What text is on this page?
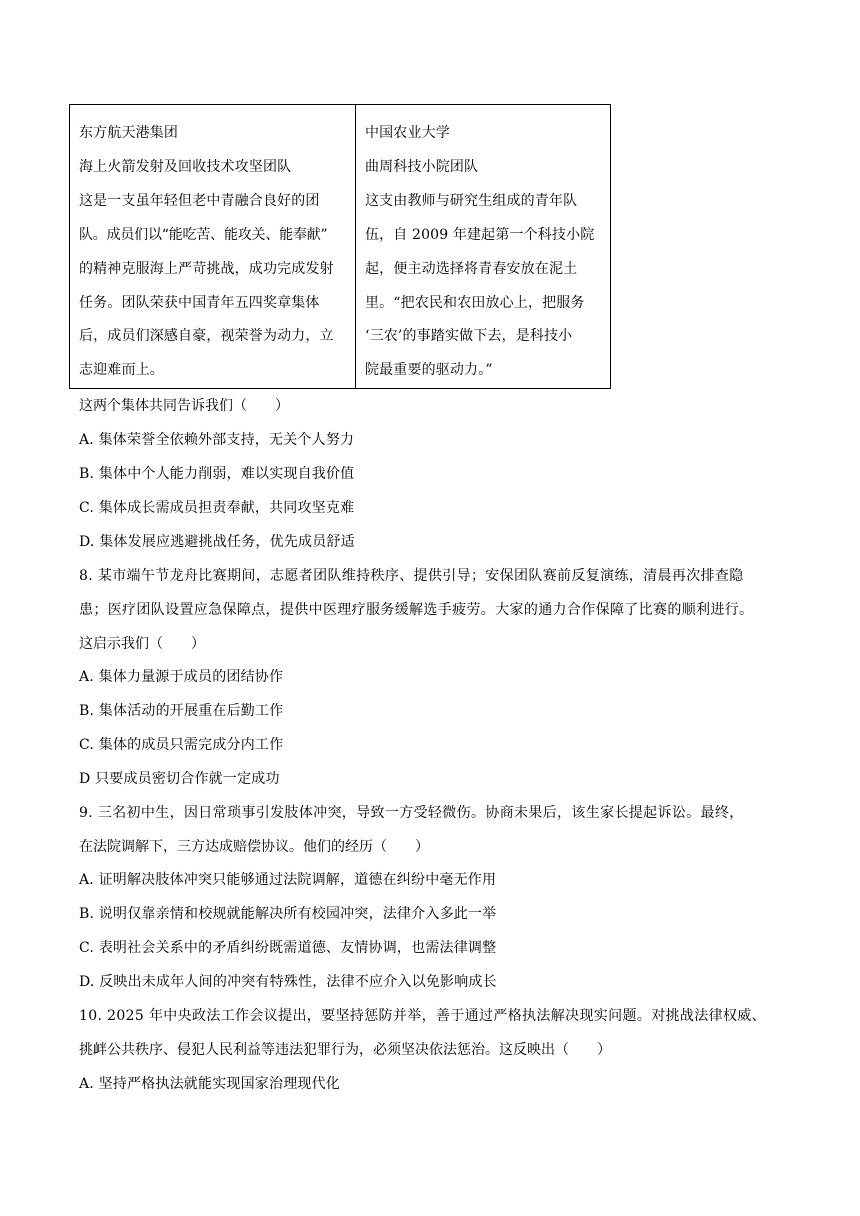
东方航天港集团
海上火箭发射及回收技术攻坚团队
这是一支虽年轻但老中青融合良好的团
队。成员们以“能吃苦、能攻关、能奉献”
的精神克服海上严苛挑战，成功完成发射
任务。团队荣获中国青年五四奖章集体
后，成员们深感自豪，视荣誉为动力，立
志迎难而上。

中国农业大学
曲周科技小院团队
这支由教师与研究生组成的青年队
伍，自 2009 年建起第一个科技小院
起，便主动选择将青春安放在泥土
里。“把农民和农田放心上，把服务
‘三农’的事踏实做下去，是科技小
院最重要的驱动力。”
这两个集体共同告诉我们（　　）
A. 集体荣誉全依赖外部支持，无关个人努力
B. 集体中个人能力削弱，难以实现自我价值
C. 集体成长需成员担责奉献，共同攻坚克难
D. 集体发展应逃避挑战任务，优先成员舒适
8. 某市端午节龙舟比赛期间，志愿者团队维持秩序、提供引导；安保团队赛前反复演练，清晨再次排查隐
患；医疗团队设置应急保障点，提供中医理疗服务缓解选手疲劳。大家的通力合作保障了比赛的顺利进行。
这启示我们（　　）
A. 集体力量源于成员的团结协作
B. 集体活动的开展重在后勤工作
C. 集体的成员只需完成分内工作
D 只要成员密切合作就一定成功
9. 三名初中生，因日常琐事引发肢体冲突，导致一方受轻微伤。协商未果后，该生家长提起诉讼。最终，
在法院调解下，三方达成赔偿协议。他们的经历（　　）
A. 证明解决肢体冲突只能够通过法院调解，道德在纠纷中毫无作用
B. 说明仅靠亲情和校规就能解决所有校园冲突，法律介入多此一举
C. 表明社会关系中的矛盾纠纷既需道德、友情协调，也需法律调整
D. 反映出未成年人间的冲突有特殊性，法律不应介入以免影响成长
10. 2025 年中央政法工作会议提出，要坚持惩防并举，善于通过严格执法解决现实问题。对挑战法律权威、
挑衅公共秩序、侵犯人民利益等违法犯罪行为，必须坚决依法惩治。这反映出（　　）
A. 坚持严格执法就能实现国家治理现代化
